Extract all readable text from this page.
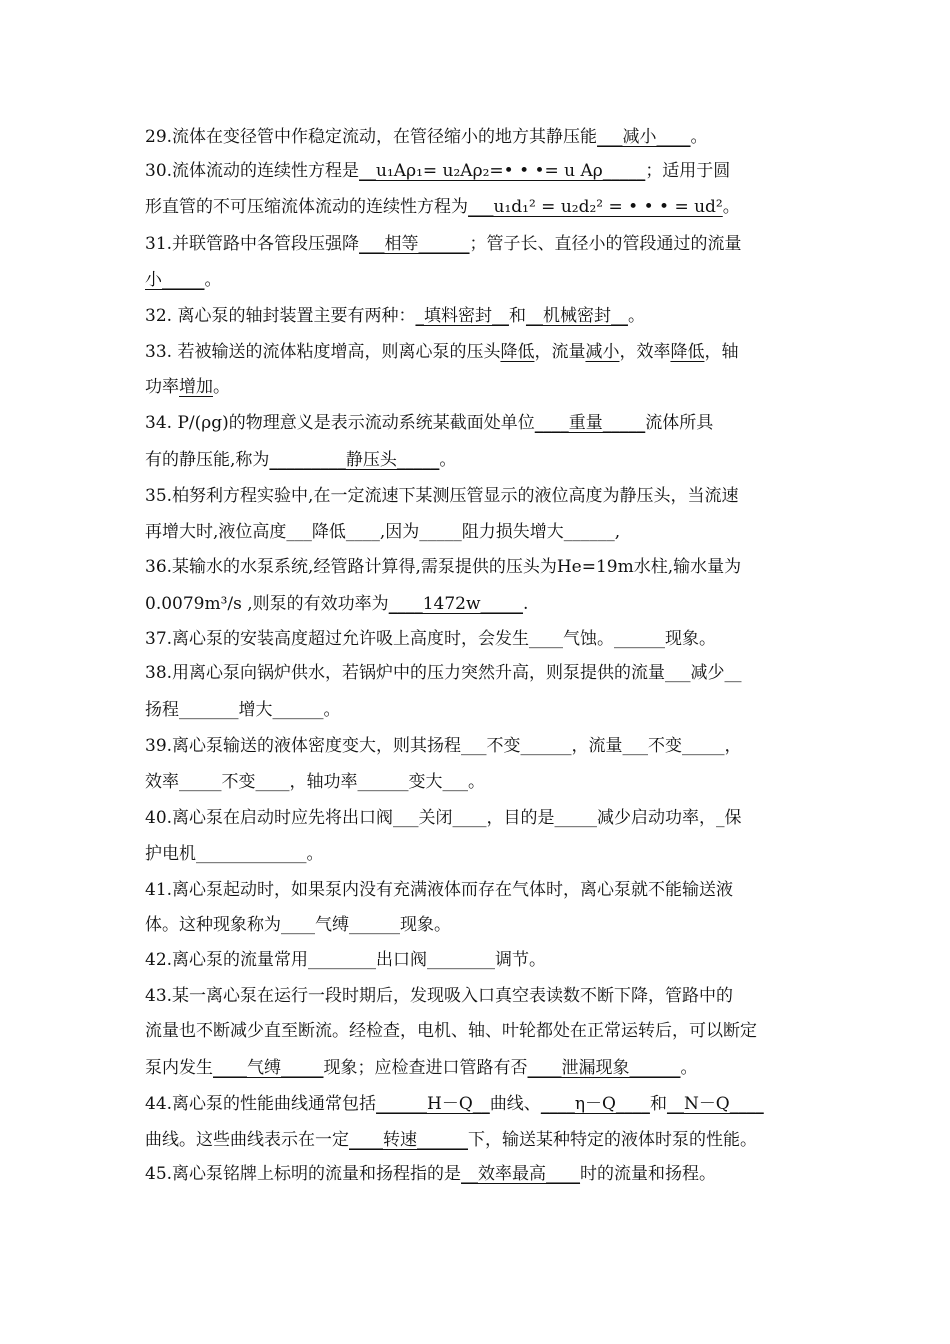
29.流体在变径管中作稳定流动，在管径缩小的地方其静压能___减小____。
30.流体流动的连续性方程是__u₁Aρ₁= u₂Aρ₂=• • •= u Aρ_____；适用于圆
形直管的不可压缩流体流动的连续性方程为___u₁d₁² = u₂d₂² = • • • = ud²。
31.并联管路中各管段压强降___相等______；管子长、直径小的管段通过的流量
小_____。
32. 离心泵的轴封装置主要有两种：_填料密封__和__机械密封__。
33. 若被输送的流体粘度增高，则离心泵的压头降低，流量减小，效率降低，轴
功率增加。
34. P/(ρg)的物理意义是表示流动系统某截面处单位____重量_____流体所具
有的静压能,称为_________静压头_____。
35.柏努利方程实验中,在一定流速下某测压管显示的液位高度为静压头，当流速
再增大时,液位高度___降低____,因为_____阻力损失增大______,
36.某输水的水泵系统,经管路计算得,需泵提供的压头为He=19m水柱,输水量为
0.0079m³/s ,则泵的有效功率为____1472w_____.
37.离心泵的安装高度超过允许吸上高度时，会发生____气蚀。______现象。
38.用离心泵向锅炉供水，若锅炉中的压力突然升高，则泵提供的流量___减少__
扬程_______增大______。
39.离心泵输送的液体密度变大，则其扬程___不变______，流量___不变_____，
效率_____不变____，轴功率______变大___。
40.离心泵在启动时应先将出口阀___关闭____，目的是_____减少启动功率，_保
护电机_____________。
41.离心泵起动时，如果泵内没有充满液体而存在气体时，离心泵就不能输送液
体。这种现象称为____气缚______现象。
42.离心泵的流量常用________出口阀________调节。
43.某一离心泵在运行一段时期后，发现吸入口真空表读数不断下降，管路中的
流量也不断减少直至断流。经检查，电机、轴、叶轮都处在正常运转后，可以断定
泵内发生____气缚_____现象；应检查进口管路有否____泄漏现象______。
44.离心泵的性能曲线通常包括______H－Q__曲线、____η－Q____和__N－Q____
曲线。这些曲线表示在一定____转速______下，输送某种特定的液体时泵的性能。
45.离心泵铭牌上标明的流量和扬程指的是__效率最高____时的流量和扬程。
